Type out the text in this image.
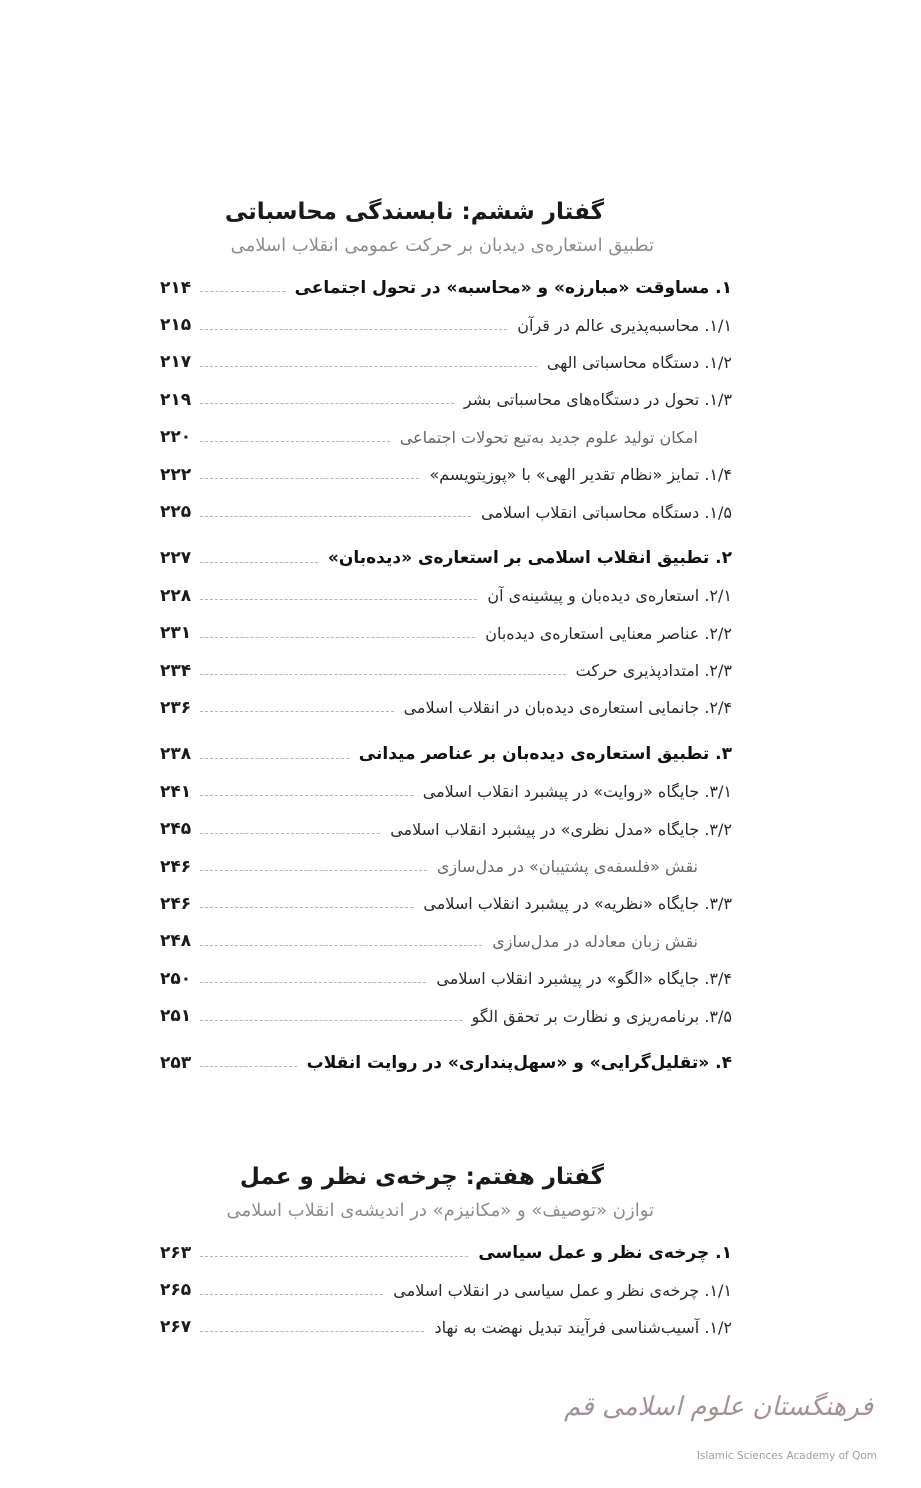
گفتار ششم: نابسندگی محاسباتی
تطبیق استعاره‌ی دیدبان بر حرکت عمومی انقلاب اسلامی
۱. مساوقت «مبارزه» و «محاسبه» در تحول اجتماعی
۲۱۴
۱/۱. محاسبه‌پذیری عالم در قرآن
۲۱۵
۱/۲. دستگاه محاسباتی الهی
۲۱۷
۱/۳. تحول در دستگاه‌های محاسباتی بشر
۲۱۹
امکان تولید علوم جدید به‌تبع تحولات اجتماعی
۲۲۰
۱/۴. تمایز «نظام تقدیر الهی» با «پوزیتویسم»
۲۲۲
۱/۵. دستگاه محاسباتی انقلاب اسلامی
۲۲۵
۲. تطبیق انقلاب اسلامی بر استعاره‌ی «دیده‌بان»
۲۲۷
۲/۱. استعاره‌ی دیده‌بان و پیشینه‌ی آن
۲۲۸
۲/۲. عناصر معنایی استعاره‌ی دیده‌بان
۲۳۱
۲/۳. امتدادپذیری حرکت
۲۳۴
۲/۴. جانمایی استعاره‌ی دیده‌بان در انقلاب اسلامی
۲۳۶
۳. تطبیق استعاره‌ی دیده‌بان بر عناصر میدانی
۲۳۸
۳/۱. جایگاه «روایت» در پیشبرد انقلاب اسلامی
۲۴۱
۳/۲. جایگاه «مدل نظری» در پیشبرد انقلاب اسلامی
۲۴۵
نقش «فلسفه‌ی پشتیبان» در مدل‌سازی
۲۴۶
۳/۳. جایگاه «نظریه» در پیشبرد انقلاب اسلامی
۲۴۶
نقش زبان معادله در مدل‌سازی
۲۴۸
۳/۴. جایگاه «الگو» در پیشبرد انقلاب اسلامی
۲۵۰
۳/۵. برنامه‌ریزی و نظارت بر تحقق الگو
۲۵۱
۴. «تقلیل‌گرایی» و «سهل‌پنداری» در روایت انقلاب
۲۵۳
گفتار هفتم: چرخه‌ی نظر و عمل
توازن «توصیف» و «مکانیزم» در اندیشه‌ی انقلاب اسلامی
۱. چرخه‌ی نظر و عمل سیاسی
۲۶۳
۱/۱. چرخه‌ی نظر و عمل سیاسی در انقلاب اسلامی
۲۶۵
۱/۲. آسیب‌شناسی فرآیند تبدیل نهضت به نهاد
۲۶۷
فرهنگستان علوم اسلامی قم
Islamic Sciences Academy of Qom
